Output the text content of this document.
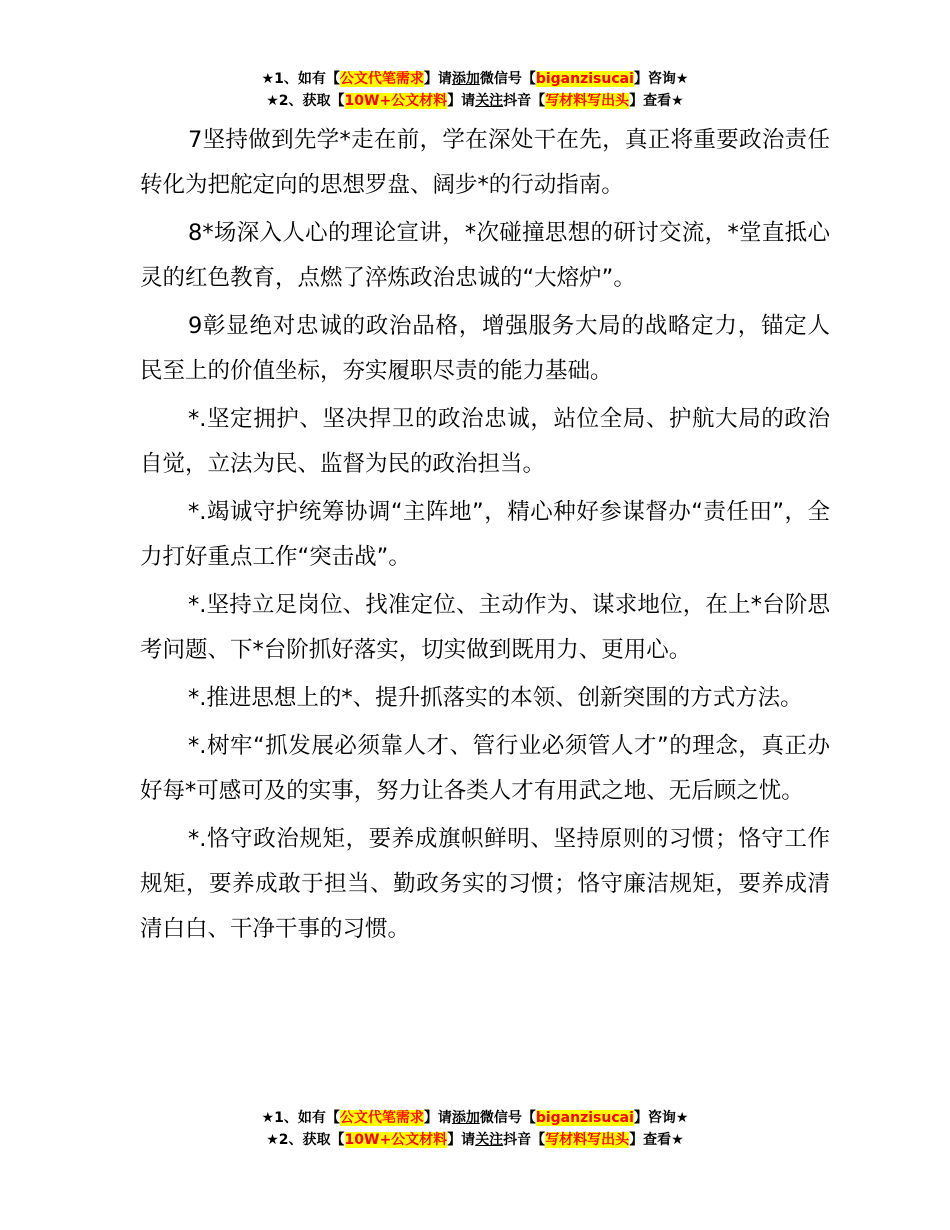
★1、如有【公文代笔需求】请添加微信号【biganzisucai】咨询★
★2、获取【10W+公文材料】请关注抖音【写材料写出头】查看★

7坚持做到先学*走在前，学在深处干在先，真正将重要政治责任转化为把舵定向的思想罗盘、阔步*的行动指南。

8*场深入人心的理论宣讲，*次碰撞思想的研讨交流，*堂直抵心灵的红色教育，点燃了淬炼政治忠诚的“大熔炉”。

9彰显绝对忠诚的政治品格，增强服务大局的战略定力，锚定人民至上的价值坐标，夯实履职尽责的能力基础。

*.坚定拥护、坚决捍卫的政治忠诚，站位全局、护航大局的政治自觉，立法为民、监督为民的政治担当。

*.竭诚守护统筹协调“主阵地”，精心种好参谋督办“责任田”，全力打好重点工作“突击战”。

*.坚持立足岗位、找准定位、主动作为、谋求地位，在上*台阶思考问题、下*台阶抓好落实，切实做到既用力、更用心。

*.推进思想上的*、提升抓落实的本领、创新突围的方式方法。

*.树牢“抓发展必须靠人才、管行业必须管人才”的理念，真正办好每*可感可及的实事，努力让各类人才有用武之地、无后顾之忧。

*.恪守政治规矩，要养成旗帜鲜明、坚持原则的习惯；恪守工作规矩，要养成敢于担当、勤政务实的习惯；恪守廉洁规矩，要养成清清白白、干净干事的习惯。

★1、如有【公文代笔需求】请添加微信号【biganzisucai】咨询★
★2、获取【10W+公文材料】请关注抖音【写材料写出头】查看★
